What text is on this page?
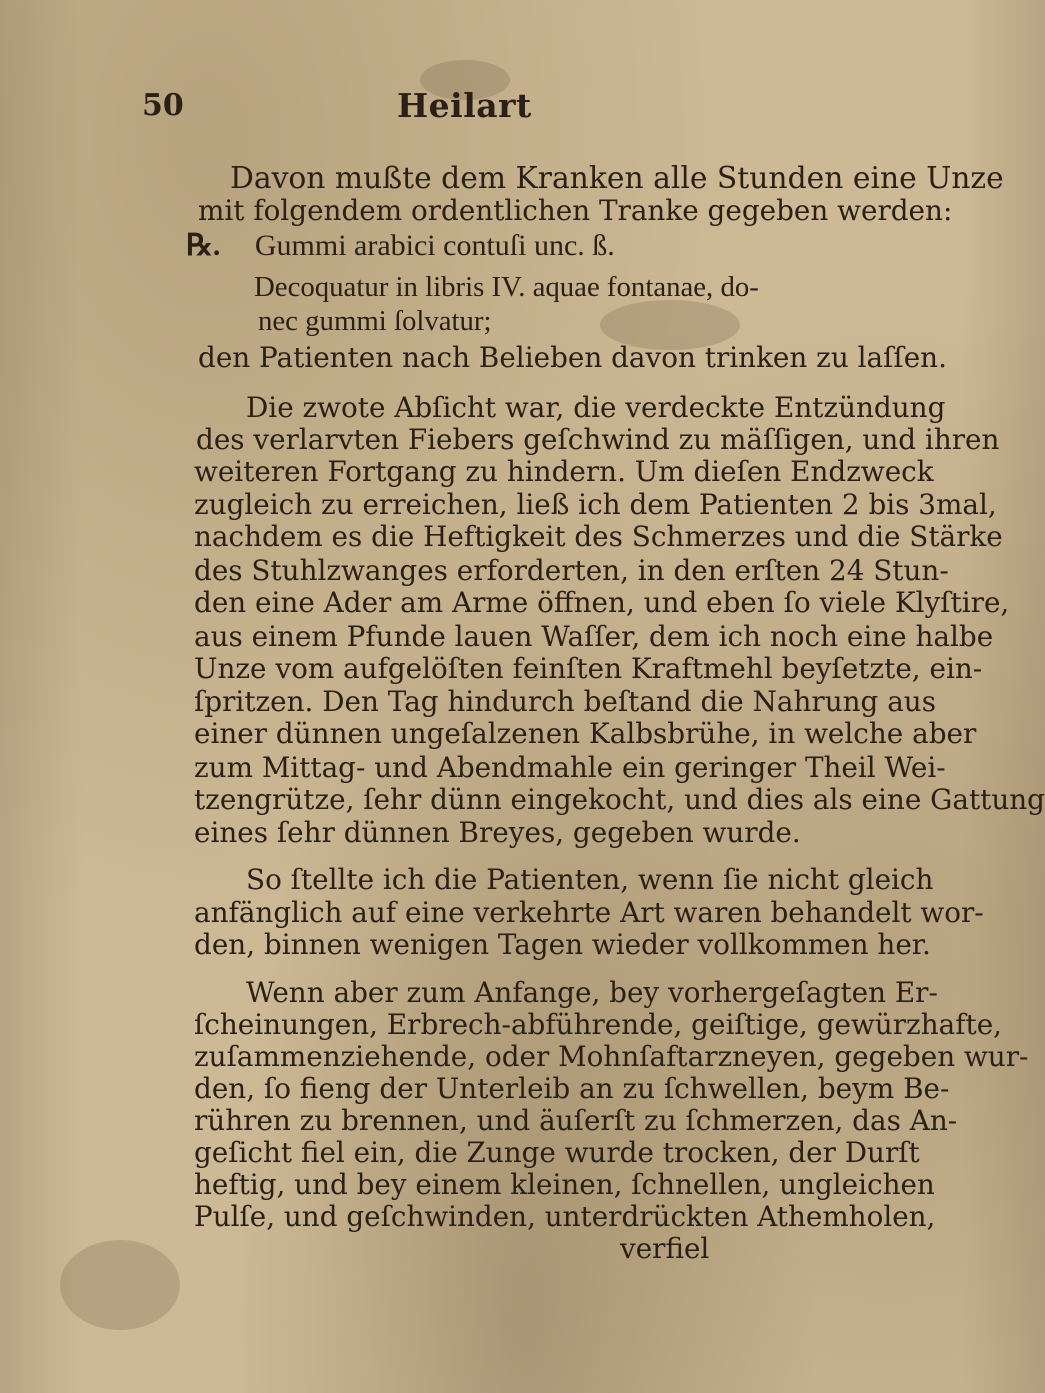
50	Heilart
Davon mußte dem Kranken alle Stunden eine Unze
mit folgendem ordentlichen Tranke gegeben werden:
℞. Gummi arabici contuſi unc. ß.
Decoquatur in libris IV. aquae fontanae, do-
nec gummi ſolvatur;
den Patienten nach Belieben davon trinken zu laſſen.
Die zwote Abſicht war, die verdeckte Entzündung
des verlarvten Fiebers geſchwind zu mäſſigen, und ihren
weiteren Fortgang zu hindern. Um dieſen Endzweck
zugleich zu erreichen, ließ ich dem Patienten 2 bis 3mal,
nachdem es die Heftigkeit des Schmerzes und die Stärke
des Stuhlzwanges erforderten, in den erſten 24 Stun-
den eine Ader am Arme öffnen, und eben ſo viele Klyſtire,
aus einem Pfunde lauen Waſſer, dem ich noch eine halbe
Unze vom aufgelöſten feinſten Kraftmehl beyſetzte, ein-
ſpritzen. Den Tag hindurch beſtand die Nahrung aus
einer dünnen ungeſalzenen Kalbsbrühe, in welche aber
zum Mittag- und Abendmahle ein geringer Theil Wei-
tzengrütze, ſehr dünn eingekocht, und dies als eine Gattung
eines ſehr dünnen Breyes, gegeben wurde.
So ſtellte ich die Patienten, wenn ſie nicht gleich
anfänglich auf eine verkehrte Art waren behandelt wor-
den, binnen wenigen Tagen wieder vollkommen her.
Wenn aber zum Anfange, bey vorhergeſagten Er-
ſcheinungen, Erbrech-abführende, geiſtige, gewürzhafte,
zuſammenziehende, oder Mohnſaftarzneyen, gegeben wur-
den, ſo fieng der Unterleib an zu ſchwellen, beym Be-
rühren zu brennen, und äuſerſt zu ſchmerzen, das An-
geſicht fiel ein, die Zunge wurde trocken, der Durſt
heftig, und bey einem kleinen, ſchnellen, ungleichen
Pulſe, und geſchwinden, unterdrückten Athemholen,
verfiel
